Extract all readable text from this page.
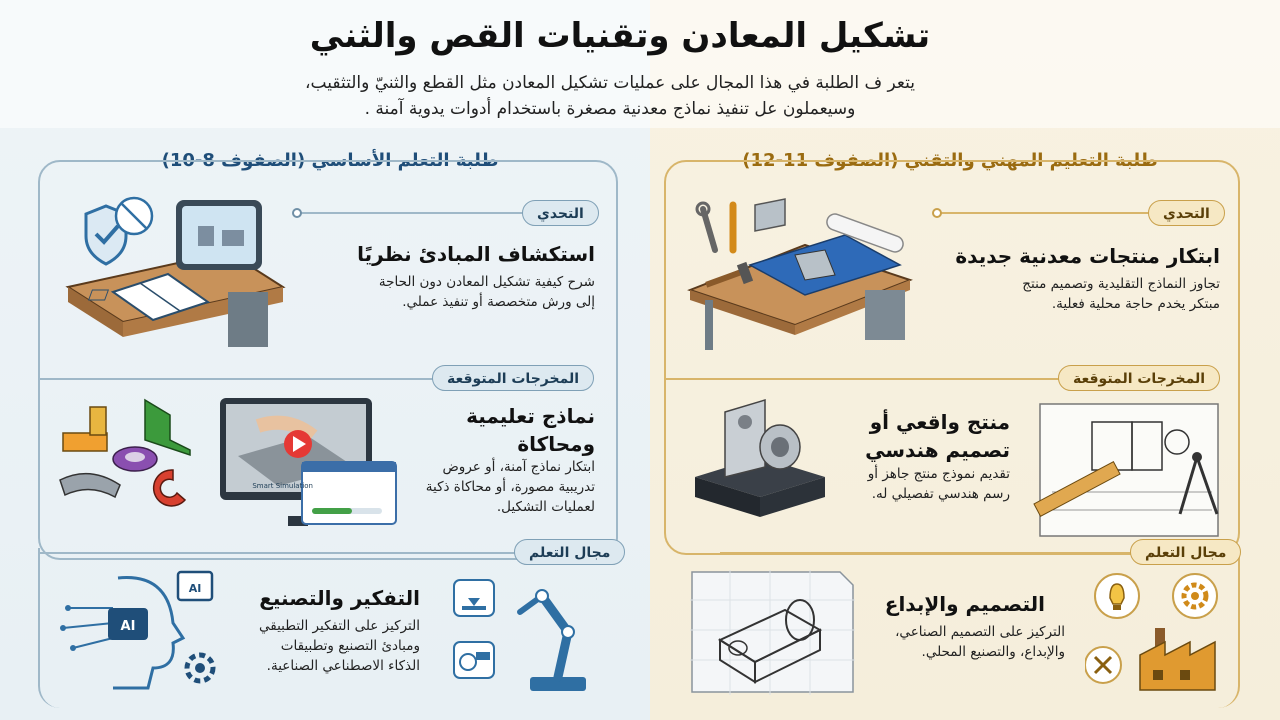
تشكيل المعادن وتقنيات القص والثني
يتعر ف الطلبة في هذا المجال على عمليات تشكيل المعادن مثل القطع والثنيّ والتثقيب،
وسيعملون عل تنفيذ نماذج معدنية مصغرة باستخدام أدوات يدوية آمنة .
طلبة التعلم الأساسي (الصفوف 8-10)
التحدي
استكشاف المبادئ نظريًا
شرح كيفية تشكيل المعادن دون الحاجة
إلى ورش متخصصة أو تنفيذ عملي.
المخرجات المتوقعة
نماذج تعليمية
ومحاكاة
ابتكار نماذج آمنة، أو عروض
تدريبية مصورة، أو محاكاة ذكية
لعمليات التشكيل.
Smart Simulation
مجال التعلم
التفكير والتصنيع
التركيز على التفكير التطبيقي
ومبادئ التصنيع وتطبيقات
الذكاء الاصطناعي الصناعية.
AI
AI
طلبة التعليم المهني والتقني (الصفوف 11-12)
التحدي
ابتكار منتجات معدنية جديدة
تجاوز النماذج التقليدية وتصميم منتج
مبتكر يخدم حاجة محلية فعلية.
المخرجات المتوقعة
منتج واقعي أو
تصميم هندسي
تقديم نموذج منتج جاهز أو
رسم هندسي تفصيلي له.
مجال التعلم
التصميم والإبداع
التركيز على التصميم الصناعي،
والإبداع، والتصنيع المحلي.
